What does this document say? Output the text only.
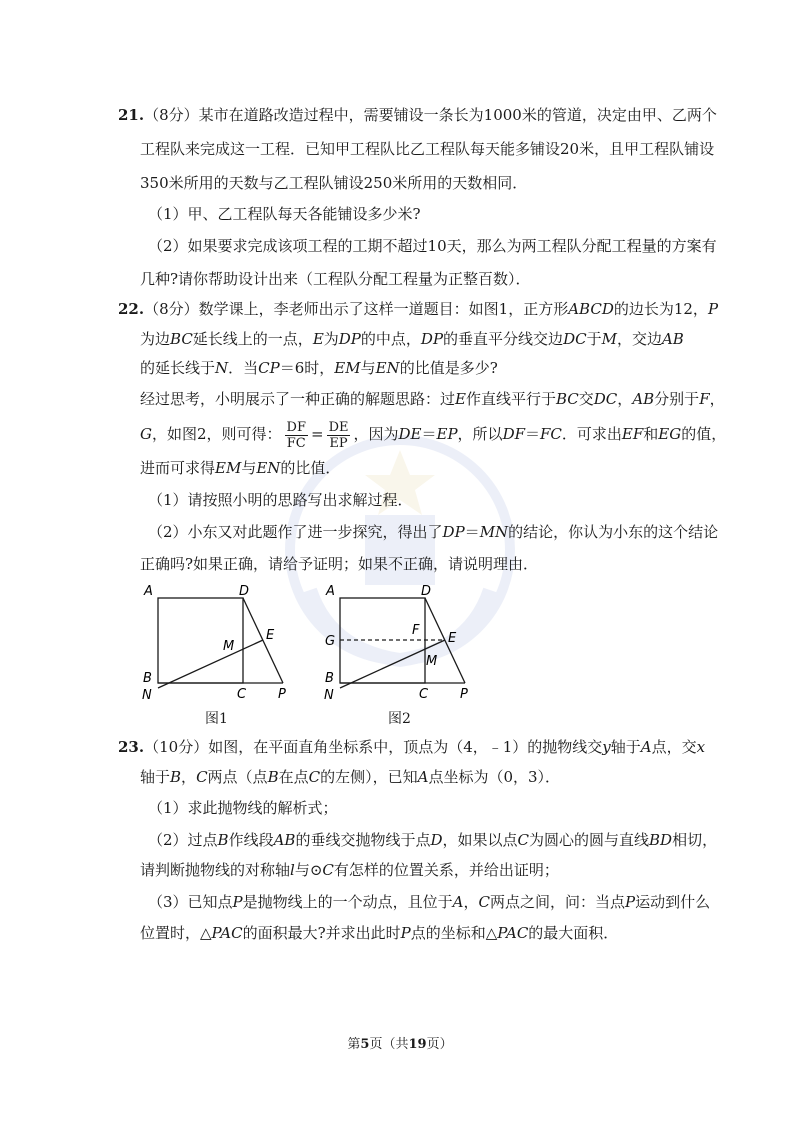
21.（8分）某市在道路改造过程中，需要铺设一条长为1000米的管道，决定由甲、乙两个
工程队来完成这一工程．已知甲工程队比乙工程队每天能多铺设20米，且甲工程队铺设
350米所用的天数与乙工程队铺设250米所用的天数相同．
（1）甲、乙工程队每天各能铺设多少米?
（2）如果要求完成该项工程的工期不超过10天，那么为两工程队分配工程量的方案有
几种?请你帮助设计出来（工程队分配工程量为正整百数）．
22.（8分）数学课上，李老师出示了这样一道题目：如图1，正方形ABCD的边长为12，P
为边BC延长线上的一点，E为DP的中点，DP的垂直平分线交边DC于M，交边AB
的延长线于N．当CP＝6时，EM与EN的比值是多少?
经过思考，小明展示了一种正确的解题思路：过E作直线平行于BC交DC，AB分别于F，
G，如图2，则可得： $\frac{DF}{FC} = \frac{DE}{EP}$ ，因为DE＝EP，所以DF＝FC．可求出EF和EG的值，
进而可求得EM与EN的比值．
（1）请按照小明的思路写出求解过程．
（2）小东又对此题作了进一步探究，得出了DP＝MN的结论，你认为小东的这个结论
正确吗?如果正确，请给予证明；如果不正确，请说明理由．
A	D
E
M
B
N	C P
图1
A	D
G
F
E
M
B
N	C P
图2
23.（10分）如图，在平面直角坐标系中，顶点为（4，﹣1）的抛物线交y轴于A点，交x
轴于B，C两点（点B在点C的左侧），已知A点坐标为（0，3）．
（1）求此抛物线的解析式；
（2）过点B作线段AB的垂线交抛物线于点D，如果以点C为圆心的圆与直线BD相切，
请判断抛物线的对称轴l与⊙C有怎样的位置关系，并给出证明；
（3）已知点P是抛物线上的一个动点，且位于A，C两点之间，问：当点P运动到什么
位置时，△PAC的面积最大?并求出此时P点的坐标和△PAC的最大面积．
第5页（共19页）
